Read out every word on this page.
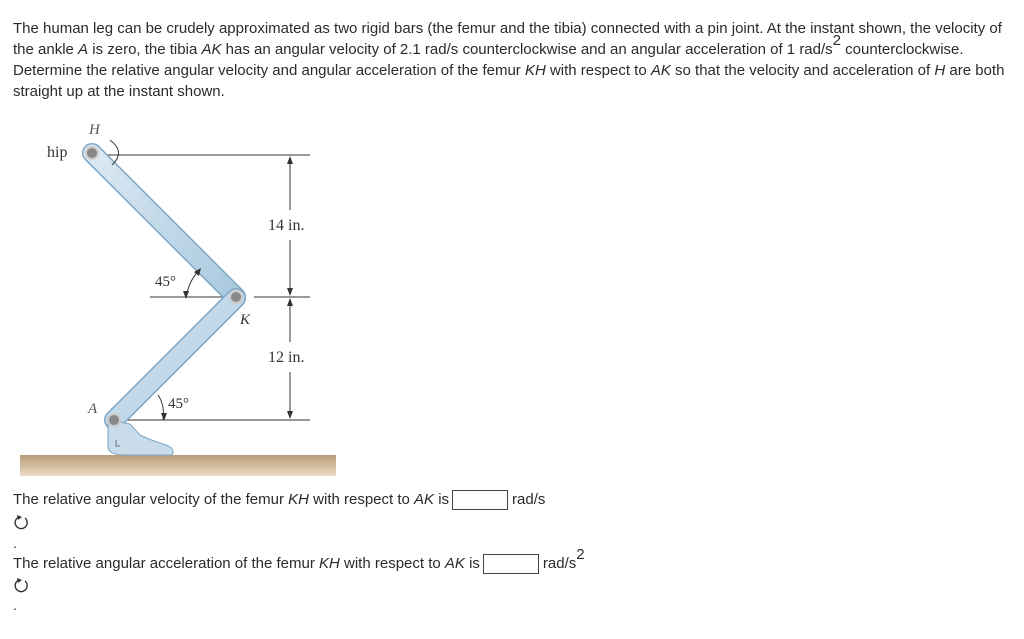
The human leg can be crudely approximated as two rigid bars (the femur and the tibia) connected with a pin joint. At the instant shown, the velocity of the ankle A is zero, the tibia AK has an angular velocity of 2.1 rad/s counterclockwise and an angular acceleration of 1 rad/$s^2$ counterclockwise. Determine the relative angular velocity and angular acceleration of the femur KH with respect to AK so that the velocity and acceleration of H are both straight up at the instant shown.
hip
H
K
A
45°
45°
14 in.
12 in.
The relative angular velocity of the femur KH with respect to AK is	rad/s
.
The relative angular acceleration of the femur KH with respect to AK is	rad/$s^2$
.
